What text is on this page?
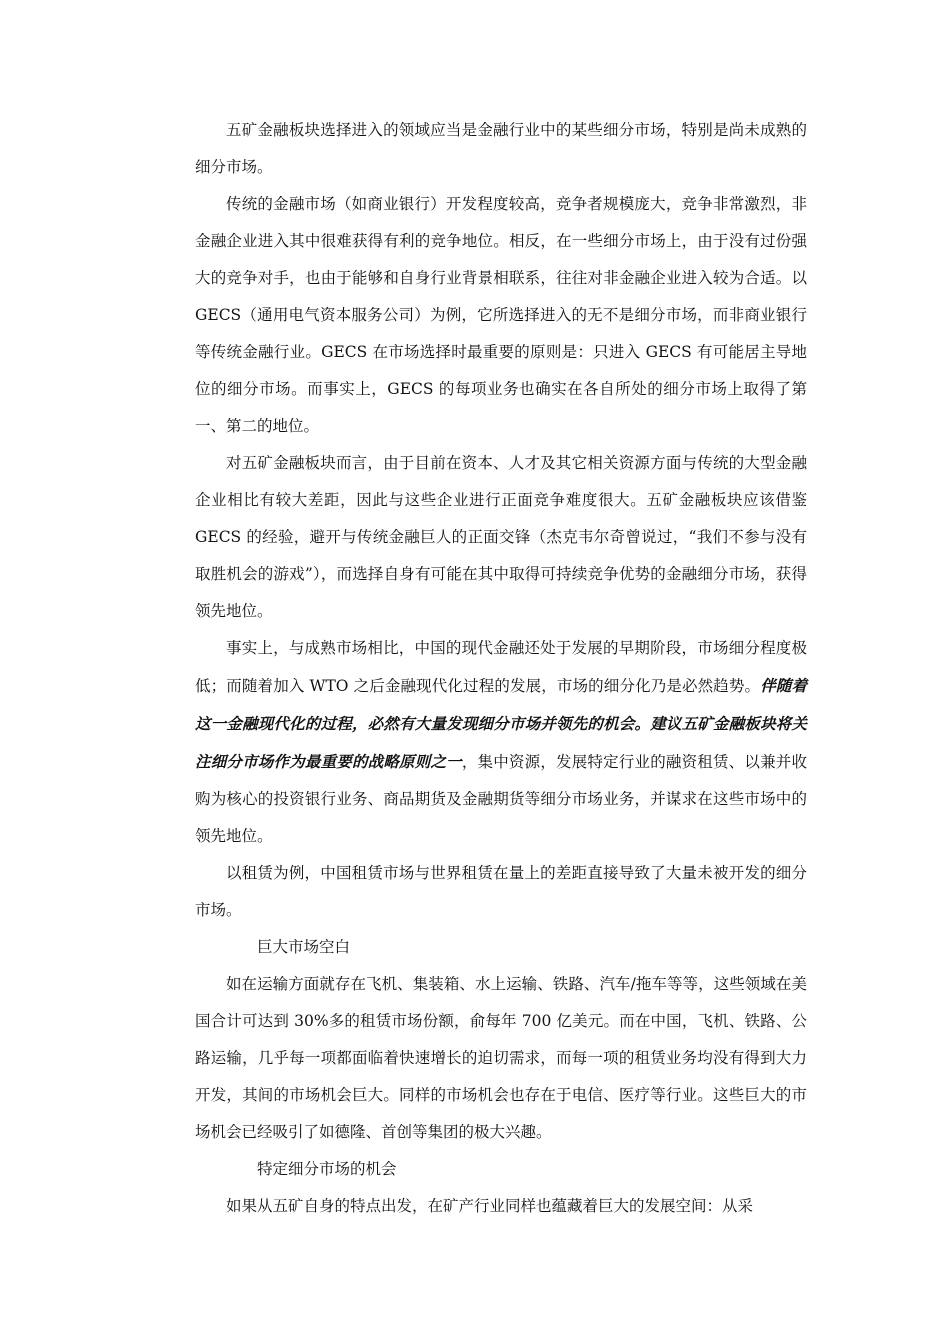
五矿金融板块选择进入的领域应当是金融行业中的某些细分市场，特别是尚未成熟的细分市场。

传统的金融市场（如商业银行）开发程度较高，竞争者规模庞大，竞争非常激烈，非金融企业进入其中很难获得有利的竞争地位。相反，在一些细分市场上，由于没有过份强大的竞争对手，也由于能够和自身行业背景相联系，往往对非金融企业进入较为合适。以 GECS（通用电气资本服务公司）为例，它所选择进入的无不是细分市场，而非商业银行等传统金融行业。GECS 在市场选择时最重要的原则是：只进入 GECS 有可能居主导地位的细分市场。而事实上，GECS 的每项业务也确实在各自所处的细分市场上取得了第一、第二的地位。

对五矿金融板块而言，由于目前在资本、人才及其它相关资源方面与传统的大型金融企业相比有较大差距，因此与这些企业进行正面竞争难度很大。五矿金融板块应该借鉴 GECS 的经验，避开与传统金融巨人的正面交锋（杰克韦尔奇曾说过，“我们不参与没有取胜机会的游戏”），而选择自身有可能在其中取得可持续竞争优势的金融细分市场，获得领先地位。

事实上，与成熟市场相比，中国的现代金融还处于发展的早期阶段，市场细分程度极低；而随着加入 WTO 之后金融现代化过程的发展，市场的细分化乃是必然趋势。伴随着这一金融现代化的过程，必然有大量发现细分市场并领先的机会。建议五矿金融板块将关注细分市场作为最重要的战略原则之一，集中资源，发展特定行业的融资租赁、以兼并收购为核心的投资银行业务、商品期货及金融期货等细分市场业务，并谋求在这些市场中的领先地位。

以租赁为例，中国租赁市场与世界租赁在量上的差距直接导致了大量未被开发的细分市场。

巨大市场空白

如在运输方面就存在飞机、集装箱、水上运输、铁路、汽车/拖车等等，这些领域在美国合计可达到 30%多的租赁市场份额，俞每年 700 亿美元。而在中国，飞机、铁路、公路运输，几乎每一项都面临着快速增长的迫切需求，而每一项的租赁业务均没有得到大力开发，其间的市场机会巨大。同样的市场机会也存在于电信、医疗等行业。这些巨大的市场机会已经吸引了如德隆、首创等集团的极大兴趣。

特定细分市场的机会

如果从五矿自身的特点出发，在矿产行业同样也蕴藏着巨大的发展空间：从采
